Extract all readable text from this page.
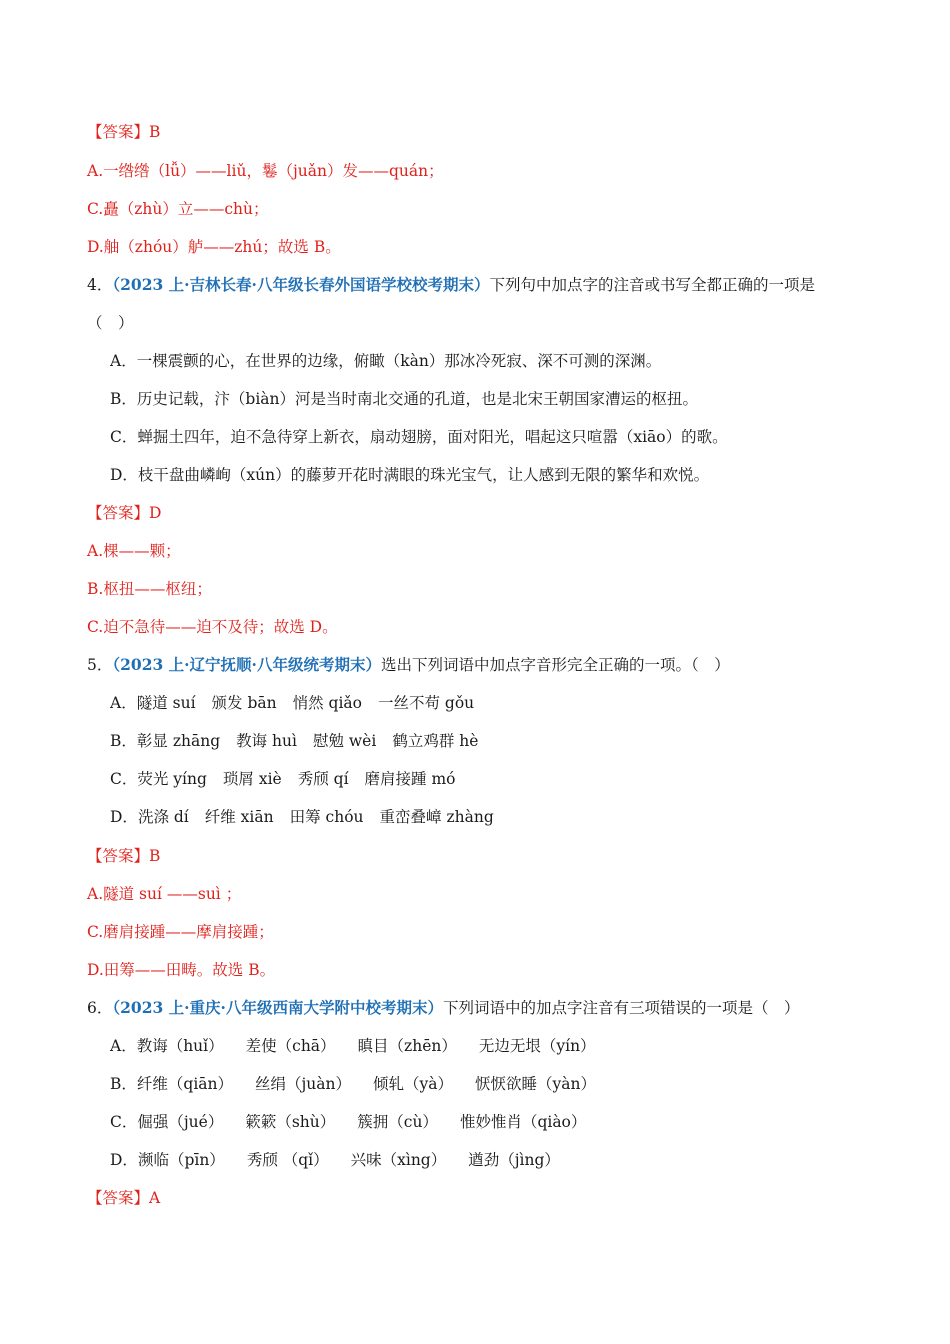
【答案】B
A.一绺绺（lǚ）——liǔ，鬈（juǎn）发——quán；
C.矗（zhù）立——chù；
D.舳（zhóu）舻——zhú；故选 B。
4．（2023 上·吉林长春·八年级长春外国语学校校考期末）下列句中加点字的注音或书写全都正确的一项是
（　）
A．一棵震颤的心，在世界的边缘，俯瞰（kàn）那冰冷死寂、深不可测的深渊。
B．历史记载，汴（biàn）河是当时南北交通的孔道，也是北宋王朝国家漕运的枢扭。
C．蝉掘土四年，迫不急待穿上新衣，扇动翅膀，面对阳光，唱起这只喧嚣（xiāo）的歌。
D．枝干盘曲嶙峋（xún）的藤萝开花时满眼的珠光宝气，让人感到无限的繁华和欢悦。
【答案】D
A.棵——颗；
B.枢扭——枢纽；
C.迫不急待——迫不及待；故选 D。
5．（2023 上·辽宁抚顺·八年级统考期末）选出下列词语中加点字音形完全正确的一项。（　）
A．隧道 suí 颁发 bān 悄然 qiǎo 一丝不苟 gǒu
B．彰显 zhāng 教诲 huì 慰勉 wèi 鹤立鸡群 hè
C．荧光 yíng 琐屑 xiè 秀颀 qí 磨肩接踵 mó
D．洗涤 dí 纤维 xiān 田筹 chóu 重峦叠嶂 zhàng
【答案】B
A.隧道 suí ——suì ；
C.磨肩接踵——摩肩接踵；
D.田筹——田畴。故选 B。
6．（2023 上·重庆·八年级西南大学附中校考期末）下列词语中的加点字注音有三项错误的一项是（　）
A．教诲（huǐ） 差使（chā） 瞋目（zhēn） 无边无垠（yín）
B．纤维（qiān） 丝绢（juàn） 倾轧（yà） 恹恹欲睡（yàn）
C．倔强（jué） 簌簌（shù） 簇拥（cù） 惟妙惟肖（qiào）
D．濒临（pīn） 秀颀 （qǐ） 兴味（xìng） 遒劲（jìng）
【答案】A
